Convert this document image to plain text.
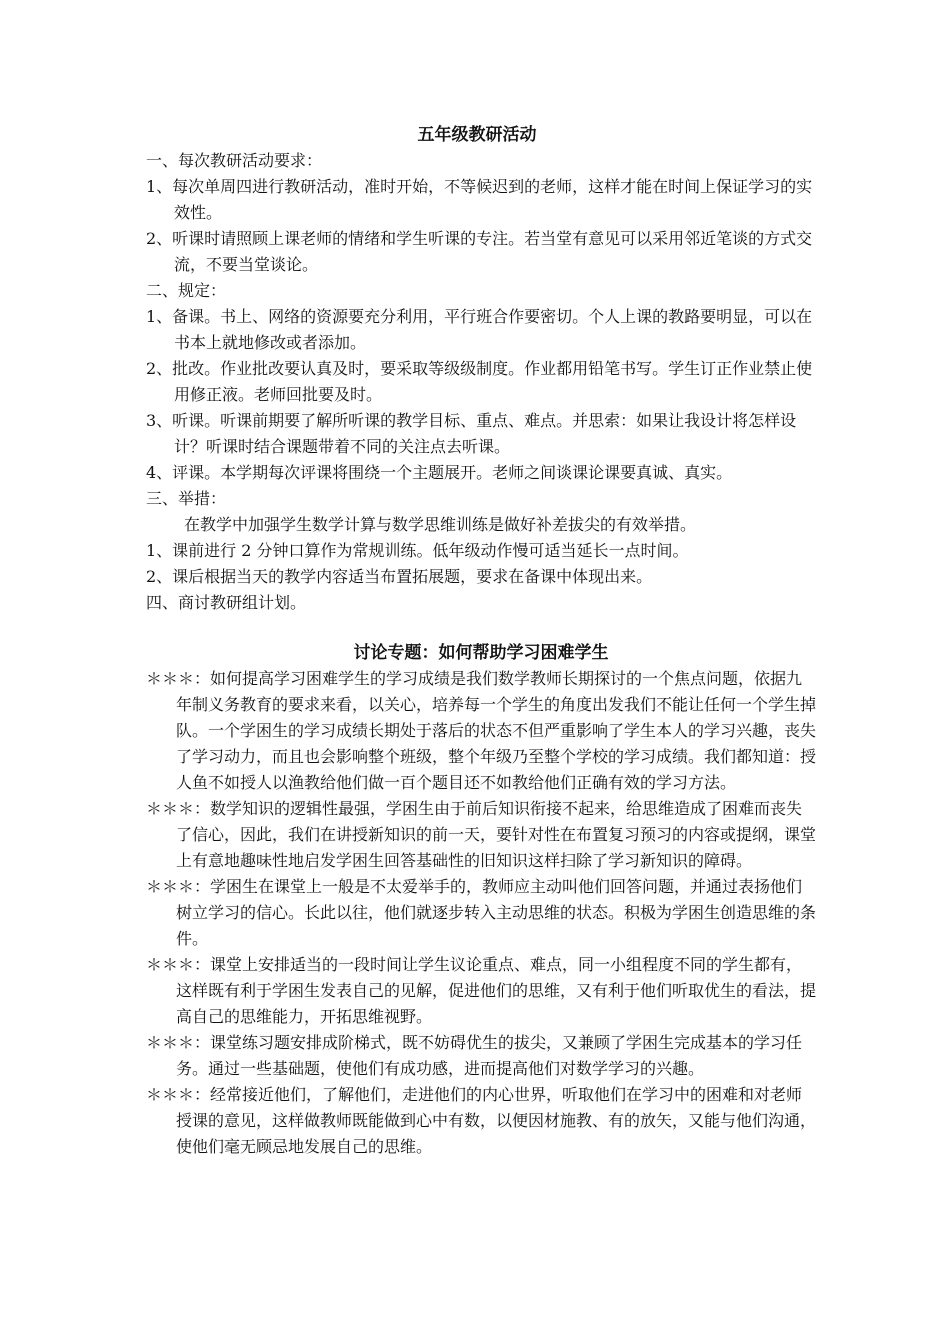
五年级教研活动
一、每次教研活动要求：
1、每次单周四进行教研活动，准时开始，不等候迟到的老师，这样才能在时间上保证学习的实效性。
2、听课时请照顾上课老师的情绪和学生听课的专注。若当堂有意见可以采用邻近笔谈的方式交流，不要当堂谈论。
二、规定：
1、备课。书上、网络的资源要充分利用，平行班合作要密切。个人上课的教路要明显，可以在书本上就地修改或者添加。
2、批改。作业批改要认真及时，要采取等级级制度。作业都用铅笔书写。学生订正作业禁止使用修正液。老师回批要及时。
3、听课。听课前期要了解所听课的教学目标、重点、难点。并思索：如果让我设计将怎样设计？听课时结合课题带着不同的关注点去听课。
4、评课。本学期每次评课将围绕一个主题展开。老师之间谈课论课要真诚、真实。
三、举措：
在教学中加强学生数学计算与数学思维训练是做好补差拔尖的有效举措。
1、课前进行 2 分钟口算作为常规训练。低年级动作慢可适当延长一点时间。
2、课后根据当天的教学内容适当布置拓展题，要求在备课中体现出来。
四、商讨教研组计划。
讨论专题：如何帮助学习困难学生
＊＊＊：如何提高学习困难学生的学习成绩是我们数学教师长期探讨的一个焦点问题，依据九年制义务教育的要求来看，以关心，培养每一个学生的角度出发我们不能让任何一个学生掉队。一个学困生的学习成绩长期处于落后的状态不但严重影响了学生本人的学习兴趣，丧失了学习动力，而且也会影响整个班级，整个年级乃至整个学校的学习成绩。我们都知道：授人鱼不如授人以渔教给他们做一百个题目还不如教给他们正确有效的学习方法。
＊＊＊：数学知识的逻辑性最强，学困生由于前后知识衔接不起来，给思维造成了困难而丧失了信心，因此，我们在讲授新知识的前一天，要针对性在布置复习预习的内容或提纲，课堂上有意地趣味性地启发学困生回答基础性的旧知识这样扫除了学习新知识的障碍。
＊＊＊：学困生在课堂上一般是不太爱举手的，教师应主动叫他们回答问题，并通过表扬他们树立学习的信心。长此以往，他们就逐步转入主动思维的状态。积极为学困生创造思维的条件。
＊＊＊：课堂上安排适当的一段时间让学生议论重点、难点，同一小组程度不同的学生都有，这样既有利于学困生发表自己的见解，促进他们的思维，又有利于他们听取优生的看法，提高自己的思维能力，开拓思维视野。
＊＊＊：课堂练习题安排成阶梯式，既不妨碍优生的拔尖，又兼顾了学困生完成基本的学习任务。通过一些基础题，使他们有成功感，进而提高他们对数学学习的兴趣。
＊＊＊：经常接近他们，了解他们，走进他们的内心世界，听取他们在学习中的困难和对老师授课的意见，这样做教师既能做到心中有数，以便因材施教、有的放矢，又能与他们沟通，使他们毫无顾忌地发展自己的思维。
